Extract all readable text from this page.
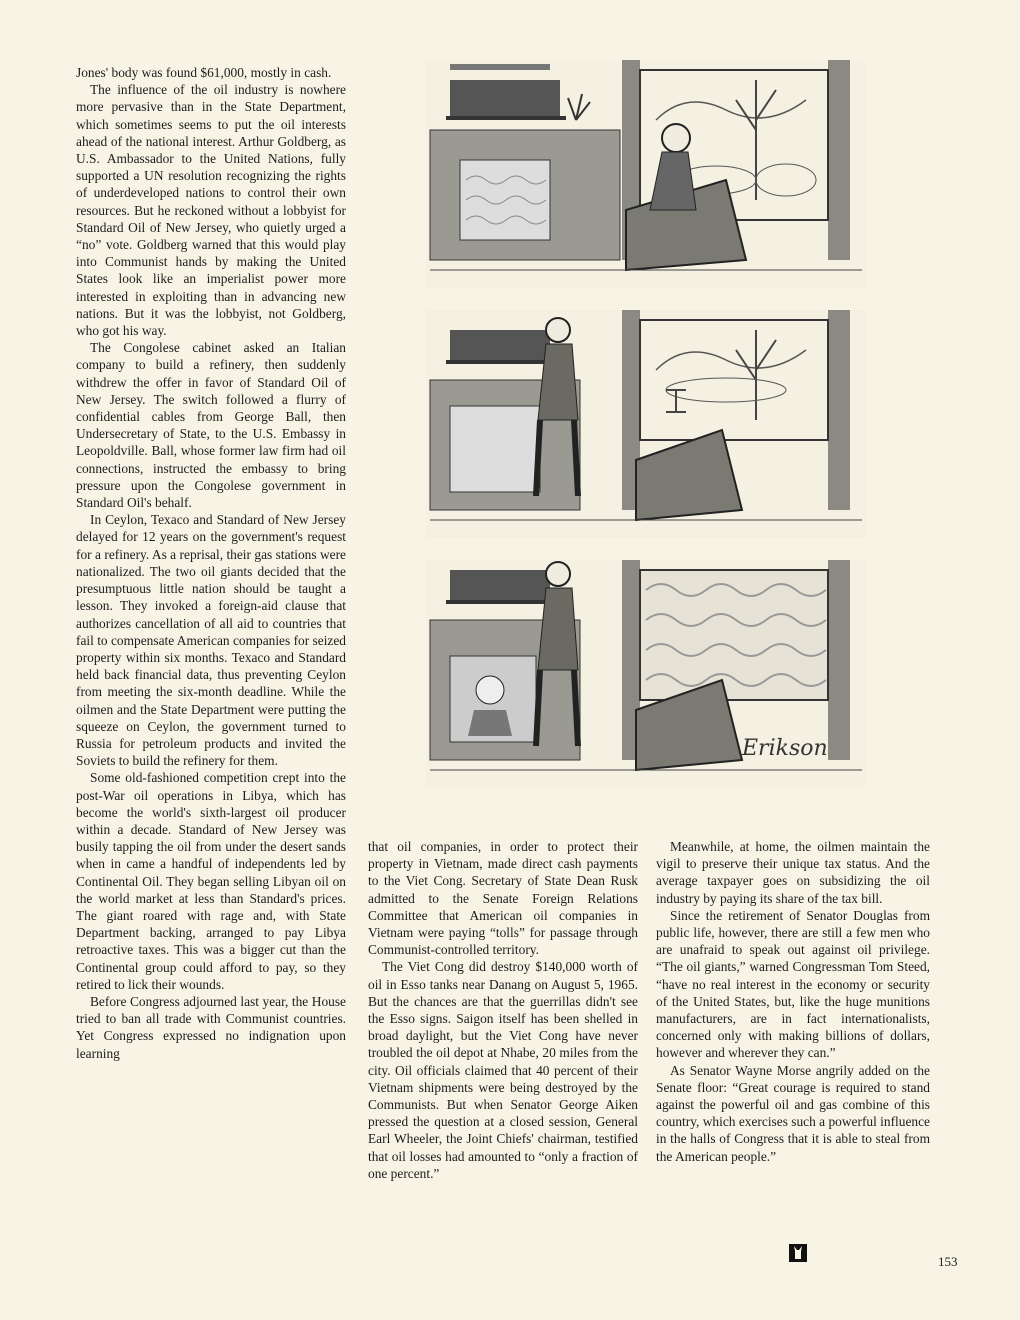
Jones' body was found $61,000, mostly in cash.

The influence of the oil industry is nowhere more pervasive than in the State Department, which sometimes seems to put the oil interests ahead of the national interest. Arthur Goldberg, as U.S. Ambassador to the United Nations, fully supported a UN resolution recognizing the rights of underdeveloped nations to control their own resources. But he reckoned without a lobbyist for Standard Oil of New Jersey, who quietly urged a “no” vote. Goldberg warned that this would play into Communist hands by making the United States look like an imperialist power more interested in exploiting than in advancing new nations. But it was the lobbyist, not Goldberg, who got his way.

The Congolese cabinet asked an Italian company to build a refinery, then suddenly withdrew the offer in favor of Standard Oil of New Jersey. The switch followed a flurry of confidential cables from George Ball, then Undersecretary of State, to the U.S. Embassy in Leopoldville. Ball, whose former law firm had oil connections, instructed the embassy to bring pressure upon the Congolese government in Standard Oil's behalf.

In Ceylon, Texaco and Standard of New Jersey delayed for 12 years on the government's request for a refinery. As a reprisal, their gas stations were nationalized. The two oil giants decided that the presumptuous little nation should be taught a lesson. They invoked a foreign-aid clause that authorizes cancellation of all aid to countries that fail to compensate American companies for seized property within six months. Texaco and Standard held back financial data, thus preventing Ceylon from meeting the six-month deadline. While the oilmen and the State Department were putting the squeeze on Ceylon, the government turned to Russia for petroleum products and invited the Soviets to build the refinery for them.

Some old-fashioned competition crept into the post-War oil operations in Libya, which has become the world's sixth-largest oil producer within a decade. Standard of New Jersey was busily tapping the oil from under the desert sands when in came a handful of independents led by Continental Oil. They began selling Libyan oil on the world market at less than Standard's prices. The giant roared with rage and, with State Department backing, arranged to pay Libya retroactive taxes. This was a bigger cut than the Continental group could afford to pay, so they retired to lick their wounds.

Before Congress adjourned last year, the House tried to ban all trade with Communist countries. Yet Congress expressed no indignation upon learning

Erikson

that oil companies, in order to protect their property in Vietnam, made direct cash payments to the Viet Cong. Secretary of State Dean Rusk admitted to the Senate Foreign Relations Committee that American oil companies in Vietnam were paying “tolls” for passage through Communist-controlled territory.

The Viet Cong did destroy $140,000 worth of oil in Esso tanks near Danang on August 5, 1965. But the chances are that the guerrillas didn't see the Esso signs. Saigon itself has been shelled in broad daylight, but the Viet Cong have never troubled the oil depot at Nhabe, 20 miles from the city. Oil officials claimed that 40 percent of their Vietnam shipments were being destroyed by the Communists. But when Senator George Aiken pressed the question at a closed session, General Earl Wheeler, the Joint Chiefs' chairman, testified that oil losses had amounted to “only a fraction of one percent.”

Meanwhile, at home, the oilmen maintain the vigil to preserve their unique tax status. And the average taxpayer goes on subsidizing the oil industry by paying its share of the tax bill.

Since the retirement of Senator Douglas from public life, however, there are still a few men who are unafraid to speak out against oil privilege. “The oil giants,” warned Congressman Tom Steed, “have no real interest in the economy or security of the United States, but, like the huge munitions manufacturers, are in fact internationalists, concerned only with making billions of dollars, however and wherever they can.”

As Senator Wayne Morse angrily added on the Senate floor: “Great courage is required to stand against the powerful oil and gas combine of this country, which exercises such a powerful influence in the halls of Congress that it is able to steal from the American people.”

153
